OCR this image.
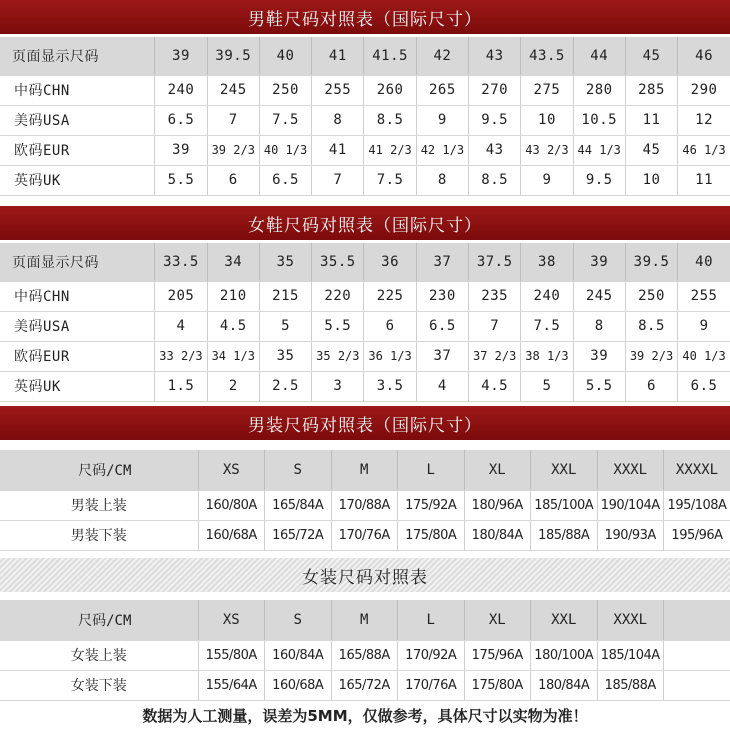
男鞋尺码对照表（国际尺寸）
页面显示尺码	39	39.5	40	41	41.5	42	43	43.5	44	45	46
中码CHN	240	245	250	255	260	265	270	275	280	285	290
美码USA	6.5	7	7.5	8	8.5	9	9.5	10	10.5	11	12
欧码EUR	39	39 2/3	40 1/3	41	41 2/3	42 1/3	43	43 2/3	44 1/3	45	46 1/3
英码UK	5.5	6	6.5	7	7.5	8	8.5	9	9.5	10	11
女鞋尺码对照表（国际尺寸）
页面显示尺码	33.5	34	35	35.5	36	37	37.5	38	39	39.5	40
中码CHN	205	210	215	220	225	230	235	240	245	250	255
美码USA	4	4.5	5	5.5	6	6.5	7	7.5	8	8.5	9
欧码EUR	33 2/3	34 1/3	35	35 2/3	36 1/3	37	37 2/3	38 1/3	39	39 2/3	40 1/3
英码UK	1.5	2	2.5	3	3.5	4	4.5	5	5.5	6	6.5
男装尺码对照表（国际尺寸）
尺码/CM	XS	S	M	L	XL	XXL	XXXL	XXXXL
男装上装	160/80A	165/84A	170/88A	175/92A	180/96A	185/100A	190/104A	195/108A
男装下装	160/68A	165/72A	170/76A	175/80A	180/84A	185/88A	190/93A	195/96A
女装尺码对照表
尺码/CM	XS	S	M	L	XL	XXL	XXXL	
女装上装	155/80A	160/84A	165/88A	170/92A	175/96A	180/100A	185/104A	
女装下装	155/64A	160/68A	165/72A	170/76A	175/80A	180/84A	185/88A	
数据为人工测量，误差为5MM，仅做参考，具体尺寸以实物为准！
